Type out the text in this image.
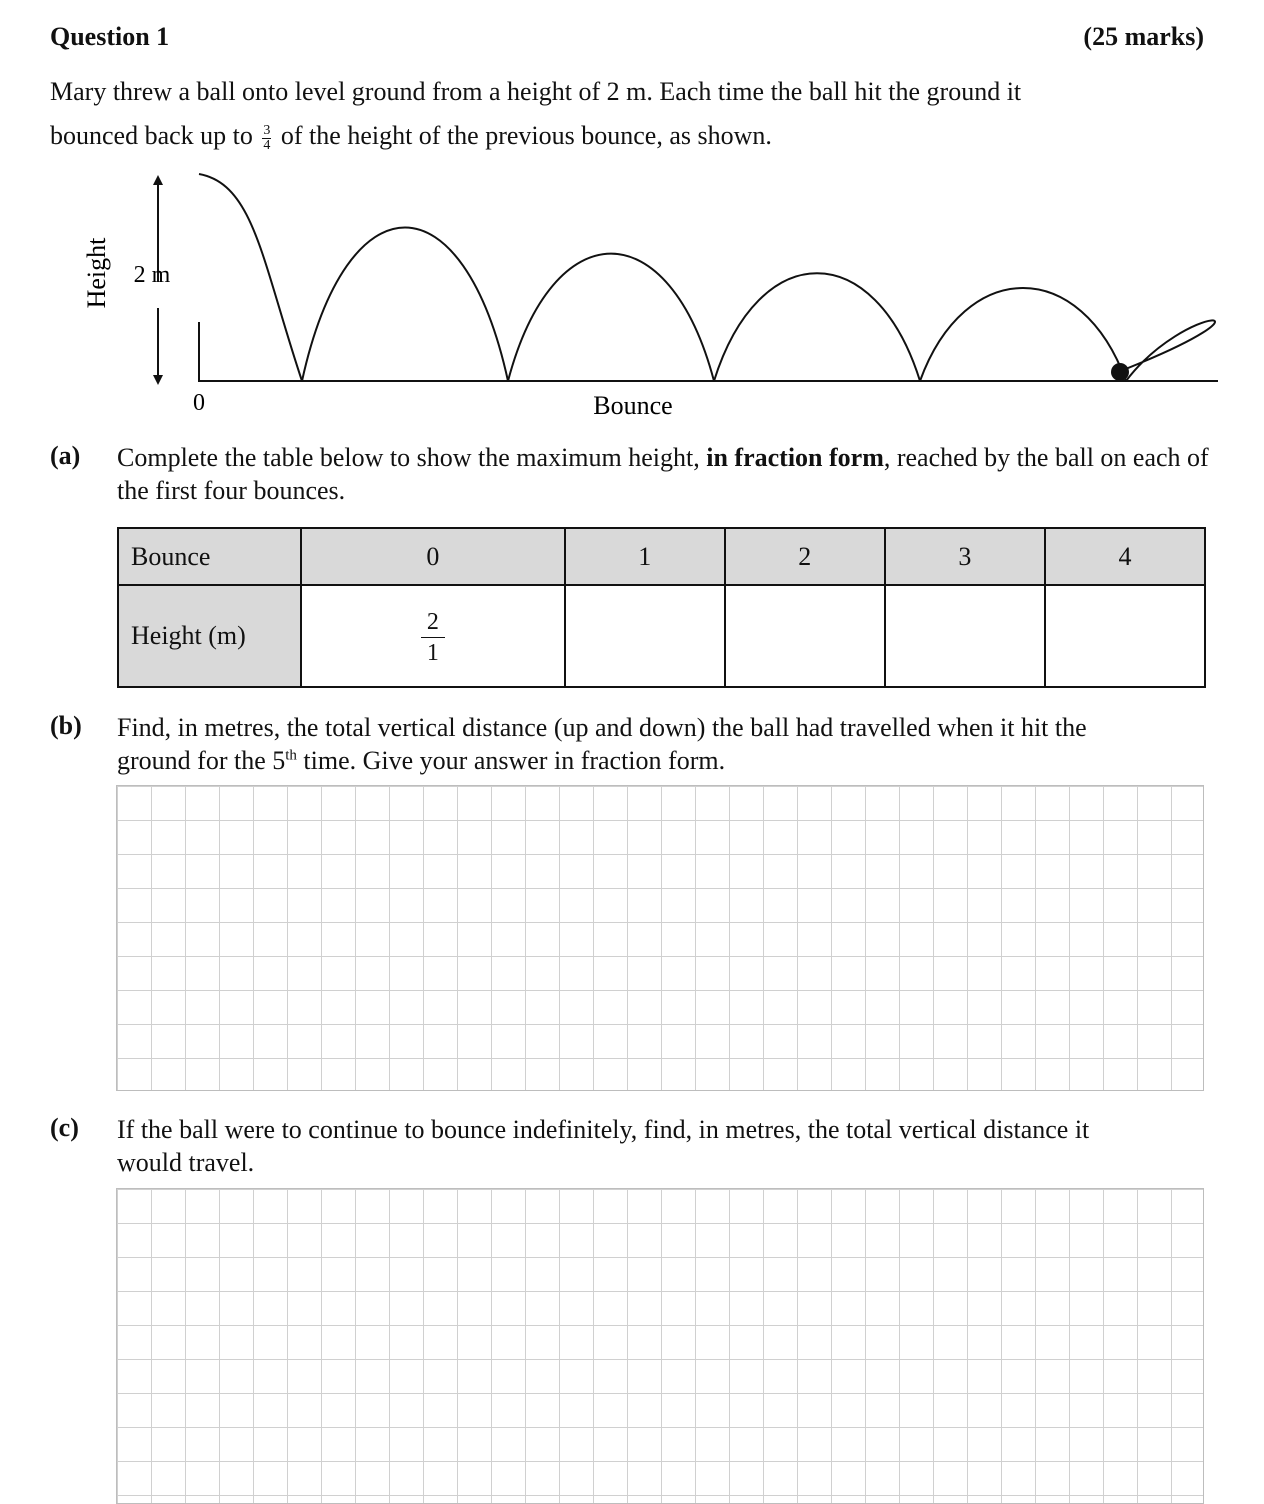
Question 1	(25 marks)
Mary threw a ball onto level ground from a height of 2 m. Each time the ball hit the ground it
bounced back up to $\frac{3}{4}$ of the height of the previous bounce, as shown.
Height 2 m
0	Bounce
(a) Complete the table below to show the maximum height, in fraction form, reached by the ball on each of the first four bounces.
Bounce	0	1	2	3	4
Height (m)	$\frac{2}{1}$

(b) Find, in metres, the total vertical distance (up and down) the ball had travelled when it hit the
ground for the 5th time. Give your answer in fraction form.
(c) If the ball were to continue to bounce indefinitely, find, in metres, the total vertical distance it
would travel.
